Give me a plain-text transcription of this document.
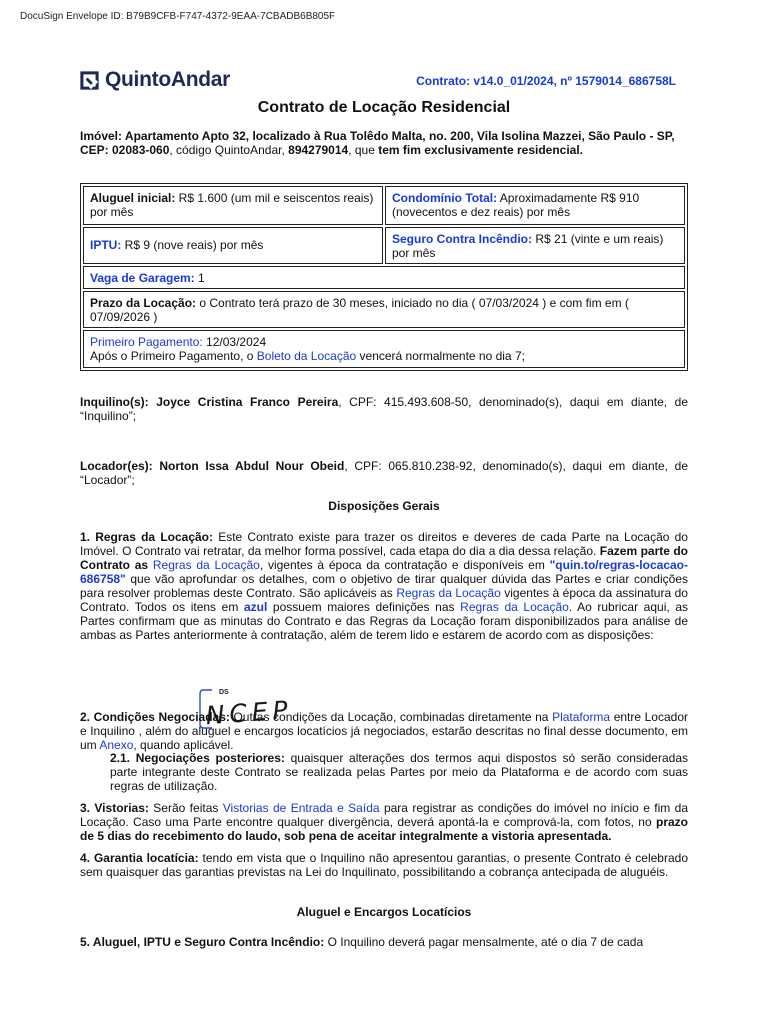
DocuSign Envelope ID: B79B9CFB-F747-4372-9EAA-7CBADB6B805F
QuintoAndar	Contrato: v14.0_01/2024, nº 1579014_686758L
Contrato de Locação Residencial
Imóvel: Apartamento Apto 32, localizado à Rua Tolêdo Malta, no. 200, Vila Isolina Mazzei, São Paulo - SP, CEP: 02083-060, código QuintoAndar, 894279014, que tem fim exclusivamente residencial.
Aluguel inicial: R$ 1.600 (um mil e seiscentos reais) por mês
Condomínio Total: Aproximadamente R$ 910 (novecentos e dez reais) por mês
IPTU: R$ 9 (nove reais) por mês	Seguro Contra Incêndio: R$ 21 (vinte e um reais) por mês
Vaga de Garagem: 1
Prazo da Locação: o Contrato terá prazo de 30 meses, iniciado no dia ( 07/03/2024 ) e com fim em ( 07/09/2026 )
Primeiro Pagamento: 12/03/2024
Após o Primeiro Pagamento, o Boleto da Locação vencerá normalmente no dia 7;
Inquilino(s): Joyce Cristina Franco Pereira, CPF: 415.493.608-50, denominado(s), daqui em diante, de “Inquilino”;
Locador(es): Norton Issa Abdul Nour Obeid, CPF: 065.810.238-92, denominado(s), daqui em diante, de “Locador”;
Disposições Gerais
1. Regras da Locação: Este Contrato existe para trazer os direitos e deveres de cada Parte na Locação do Imóvel. O Contrato vai retratar, da melhor forma possível, cada etapa do dia a dia dessa relação. Fazem parte do Contrato as Regras da Locação, vigentes à época da contratação e disponíveis em "quin.to/regras-locacao-686758" que vão aprofundar os detalhes, com o objetivo de tirar qualquer dúvida das Partes e criar condições para resolver problemas deste Contrato. São aplicáveis as Regras da Locação vigentes à época da assinatura do Contrato. Todos os itens em azul possuem maiores definições nas Regras da Locação. Ao rubricar aqui, as Partes confirmam que as minutas do Contrato e das Regras da Locação foram disponibilizados para análise de ambas as Partes anteriormente à contratação, além de terem lido e estarem de acordo com as disposições:
DS
NCEP
2. Condições Negociadas: Outras condições da Locação, combinadas diretamente na Plataforma entre Locador e Inquilino , além do aluguel e encargos locatícios já negociados, estarão descritas no final desse documento, em um Anexo, quando aplicável.
2.1. Negociações posteriores: quaisquer alterações dos termos aqui dispostos só serão consideradas parte integrante deste Contrato se realizada pelas Partes por meio da Plataforma e de acordo com suas regras de utilização.
3. Vistorias: Serão feitas Vistorias de Entrada e Saída para registrar as condições do imóvel no início e fim da Locação. Caso uma Parte encontre qualquer divergência, deverá apontá-la e comprová-la, com fotos, no prazo de 5 dias do recebimento do laudo, sob pena de aceitar integralmente a vistoria apresentada.
4. Garantia locatícia: tendo em vista que o Inquilino não apresentou garantias, o presente Contrato é celebrado sem quaisquer das garantias previstas na Lei do Inquilinato, possibilitando a cobrança antecipada de aluguéis.
Aluguel e Encargos Locatícios
5. Aluguel, IPTU e Seguro Contra Incêndio: O Inquilino deverá pagar mensalmente, até o dia 7 de cada
